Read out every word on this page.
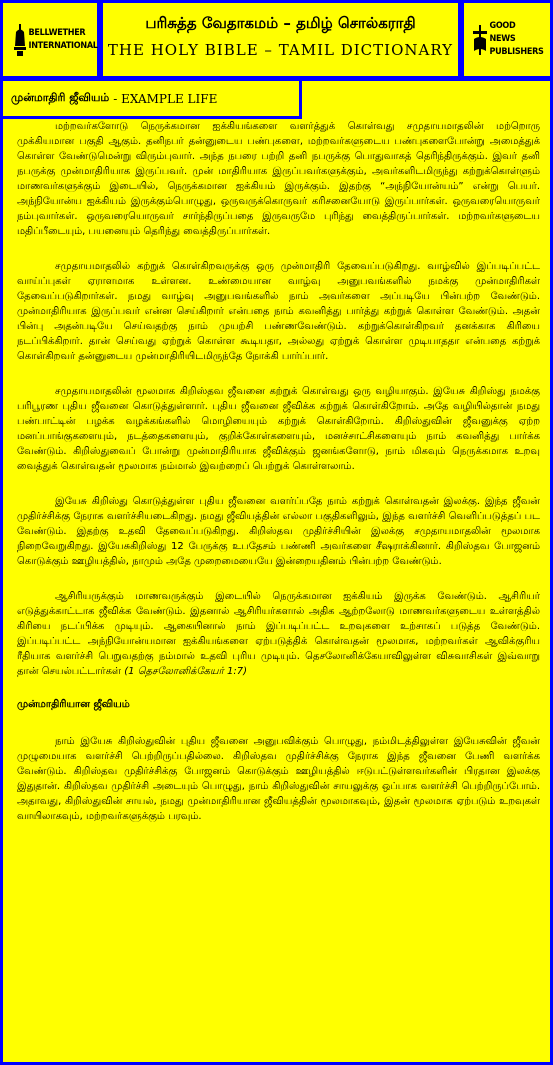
BELLWETHER INTERNATIONAL
பரிசுத்த வேதாகமம் – தமிழ் சொல்கராதி
THE HOLY BIBLE – TAMIL DICTIONARY
GOOD NEWS PUBLISHERS

மற்றவர்களோடு நெருக்கமான ஐக்கியங்களை வளர்த்துக் கொள்வது சமுதாயமாதலின் மற்றொரு முக்கியமான பகுதி ஆகும். தனிநபர் தன்னுடைய பண்புகளை, மற்றவர்களுடைய பண்புகளைபோன்று அமைத்துக் கொள்ள வேண்டுமென்று விரும்புவார். அந்த நபரை பற்றி தனி நபருக்கு பொதுவாகத் தெரிந்திருக்கும். இவர் தனி நபருக்கு முன்மாதிரியாக இருப்பவர். முன் மாதிரியாக இருப்பவர்களுக்கும், அவர்களிடமிருந்து கற்றுக்கொள்ளும் மாணவர்களுக்கும் இடையில், நெருக்கமான ஐக்கியம் இருக்கும். இதற்கு “அந்நியோன்யம்” என்று பெயர். அந்நியோன்ய ஐக்கியம் இருக்கும்பொழுது, ஒருவருக்கொருவர் கரிசனையோடு இருப்பார்கள். ஒருவரையொருவர் நம்புவார்கள். ஒருவரையொருவர் சார்ந்திருப்பதை இருவருமே புரிந்து வைத்திருப்பார்கள். மற்றவர்களுடைய மதிப்பீடையும், பயனையும் தெரிந்து வைத்திருப்பார்கள்.

சமுதாயமாதலில் கற்றுக் கொள்கிறவருக்கு ஒரு முன்மாதிரி தேவைப்படுகிறது. வாழ்வில் இப்படிப்பட்ட வாய்ப்புகள் ஏராளமாக உள்ளன. உண்மையான வாழ்வு அனுபவங்களில் நமக்கு முன்மாதிரிகள் தேவைப்படுகிறார்கள். நமது வாழ்வு அனுபவங்களில் நாம் அவர்களை அப்படியே பின்பற்ற வேண்டும். முன்மாதிரியாக இருப்பவர் என்ன செய்கிறார் என்பதை நாம் கவனித்து பார்த்து கற்றுக் கொள்ள வேண்டும். அதன் பின்பு அதன்படியே செய்வதற்கு நாம் முயற்சி பண்ணவேண்டும். கற்றுக்கொள்கிறவர் தனக்காக கிரியை நடப்பிக்கிறார். தான் செய்வது ஏற்றுக் கொள்ள கூடியதா, அல்லது ஏற்றுக் கொள்ள முடியாததா என்பதை கற்றுக் கொள்கிறவர் தன்னுடைய முன்மாதிரியிடமிருந்தே நோக்கி பார்ப்பார்.

சமுதாயமாதலின் மூலமாக கிறிஸ்தவ ஜீவனை கற்றுக் கொள்வது ஒரு வழியாகும். இயேசு கிறிஸ்து நமக்கு பரிபூரண புதிய ஜீவனை கொடுத்துள்ளார். புதிய ஜீவனை ஜீவிக்க கற்றுக் கொள்கிறோம். அதே வழியில்தான் நமது பண்பாட்டின் பழக்க வழக்கங்களில் மொழியையும் கற்றுக் கொள்கிறோம். கிறிஸ்துவின் ஜீவனுக்கு ஏற்ற மனப்பாங்குகளையும், நடத்தைகளையும், குறிக்கோள்களையும், மனச்சாட்சிகளையும் நாம் கவனித்து பார்க்க வேண்டும். கிறிஸ்துவைப் போன்று முன்மாதிரியாக ஜீவிக்கும் ஜனங்களோடு, நாம் மிகவும் நெருக்கமாக உறவு வைத்துக் கொள்வதன் மூலமாக நம்மால் இவற்றைப் பெற்றுக் கொள்ளலாம்.

இயேசு கிறிஸ்து கொடுத்துள்ள புதிய ஜீவனை வளர்ப்பதே நாம் கற்றுக் கொள்வதன் இலக்கு. இந்த ஜீவன் முதிர்ச்சிக்கு நேராக வளர்ச்சியடைகிறது. நமது ஜீவியத்தின் எல்லா பகுதிகளிலும், இந்த வளர்ச்சி வெளிப்படுத்தப் பட வேண்டும். இதற்கு உதவி தேவைப்படுகிறது. கிறிஸ்தவ முதிர்ச்சியின் இலக்கு சமுதாயமாதலின் மூலமாக நிறைவேறுகிறது. இயேசுகிறிஸ்து 12 பேருக்கு உபதேசம் பண்ணி அவர்களை சீஷராக்கினார். கிறிஸ்தவ போஜனம் கொடுக்கும் ஊழியத்தில், நாமும் அதே முறைமையையே இன்றையதினம் பின்பற்ற வேண்டும்.

ஆசிரியருக்கும் மாணவருக்கும் இடையில் நெருக்கமான ஐக்கியம் இருக்க வேண்டும். ஆசிரியர் எடுத்துக்காட்டாக ஜீவிக்க வேண்டும். இதனால் ஆசிரியர்களால் அதிக ஆற்றலோடு மாணவர்களுடைய உள்ளத்தில் கிரியை நடப்பிக்க முடியும். ஆகையினால் நாம் இப்படிப்பட்ட உறவுகளை உற்சாகப் படுத்த வேண்டும். இப்படிப்பட்ட அந்நியோன்யமான ஐக்கியங்களை ஏற்படுத்திக் கொள்வதன் மூலமாக, மற்றவர்கள் ஆவிக்குரிய ரீதியாக வளர்ச்சி பெறுவதற்கு நம்மால் உதவி புரிய முடியும். தெசலோனிக்கேயாவிலுள்ள விசுவாசிகள் இவ்வாறு தான் செயல்பட்டார்கள் (1 தெசலோனிக்கேயர் 1:7)

முன்மாதிரியான ஜீவியம்

நாம் இயேசு கிறிஸ்துவின் புதிய ஜீவனை அனுபவிக்கும் பொழுது, நம்மிடத்திலுள்ள இயேசுவின் ஜீவன் முழுமையாக வளர்ச்சி பெற்றிருப்பதில்லை. கிறிஸ்தவ முதிர்ச்சிக்கு நேராக இந்த ஜீவனை பேணி வளர்க்க வேண்டும். கிறிஸ்தவ முதிர்ச்சிக்கு போஜனம் கொடுக்கும் ஊழியத்தில் ஈடுபட்டுள்ளவர்களின் பிரதான இலக்கு இதுதான். கிறிஸ்தவ முதிர்ச்சி அடையும் பொழுது, நாம் கிறிஸ்துவின் சாயலுக்கு ஒப்பாக வளர்ச்சி பெற்றிருப்போம். அதாவது, கிறிஸ்துவின் சாயல், நமது முன்மாதிரியான ஜீவியத்தின் மூலமாகவும், இதன் மூலமாக ஏற்படும் உறவுகள் வாயிலாகவும், மற்றவர்களுக்கும் பரவும்.

முன்மாதிரி ஜீவியம் - EXAMPLE LIFE
